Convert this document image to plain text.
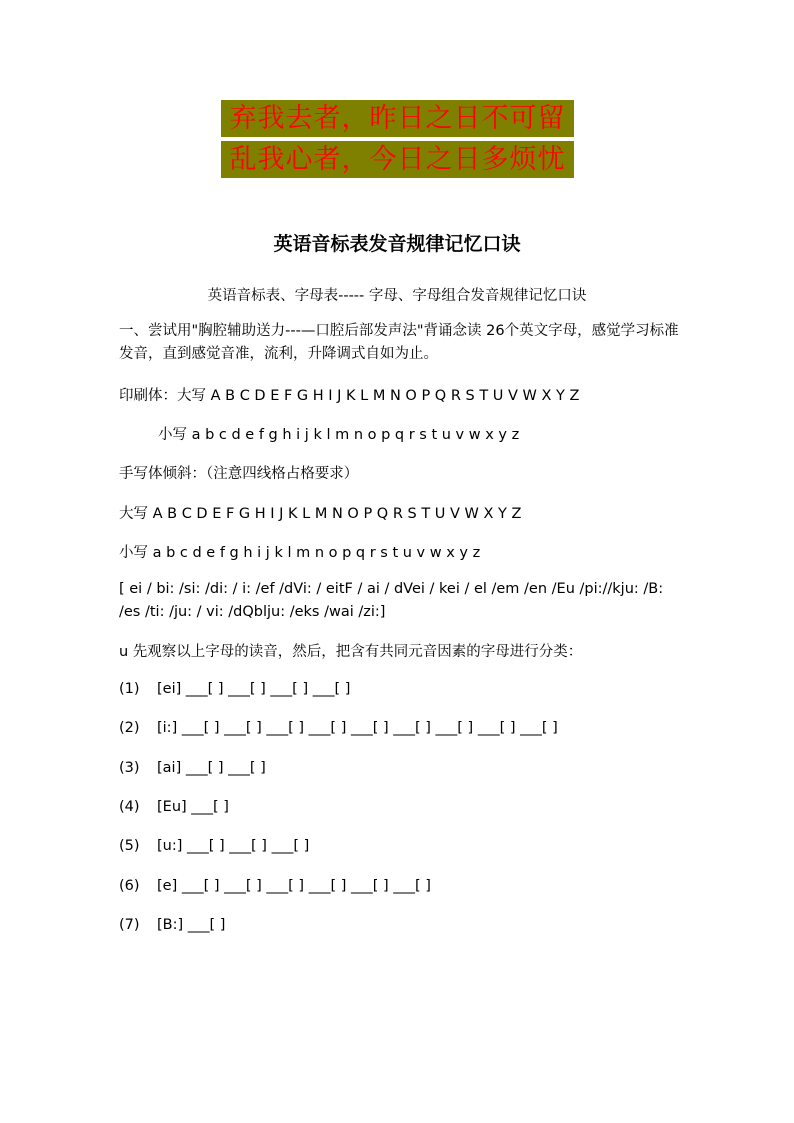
弃我去者，昨日之日不可留
乱我心者，今日之日多烦忧
英语音标表发音规律记忆口诀
英语音标表、字母表----- 字母、字母组合发音规律记忆口诀
一、尝试用"胸腔辅助送力---—口腔后部发声法"背诵念读 26个英文字母，感觉学习标准发音，直到感觉音准，流利，升降调式自如为止。
印刷体：大写 A B C D E F G H I J K L M N O P Q R S T U V W X Y Z
小写 a b c d e f g h i j k l m n o p q r s t u v w x y z
手写体倾斜：（注意四线格占格要求）
大写 A B C D E F G H I J K L M N O P Q R S T U V W X Y Z
小写 a b c d e f g h i j k l m n o p q r s t u v w x y z
[ ei / bi: /si: /di: / i: /ef /dVi: / eitF / ai / dVei / kei / el /em /en /Eu /pi://kju: /B: /es /ti: /ju: / vi: /dQblju: /eks /wai /zi:]
u 先观察以上字母的读音，然后，把含有共同元音因素的字母进行分类：
(1) [ei] ___[ ] ___[ ] ___[ ] ___[ ]
(2) [i:] ___[ ] ___[ ] ___[ ] ___[ ] ___[ ] ___[ ] ___[ ] ___[ ] ___[ ]
(3) [ai] ___[ ] ___[ ]
(4) [Eu] ___[ ]
(5) [u:] ___[ ] ___[ ] ___[ ]
(6) [e] ___[ ] ___[ ] ___[ ] ___[ ] ___[ ] ___[ ]
(7) [B:] ___[ ]
